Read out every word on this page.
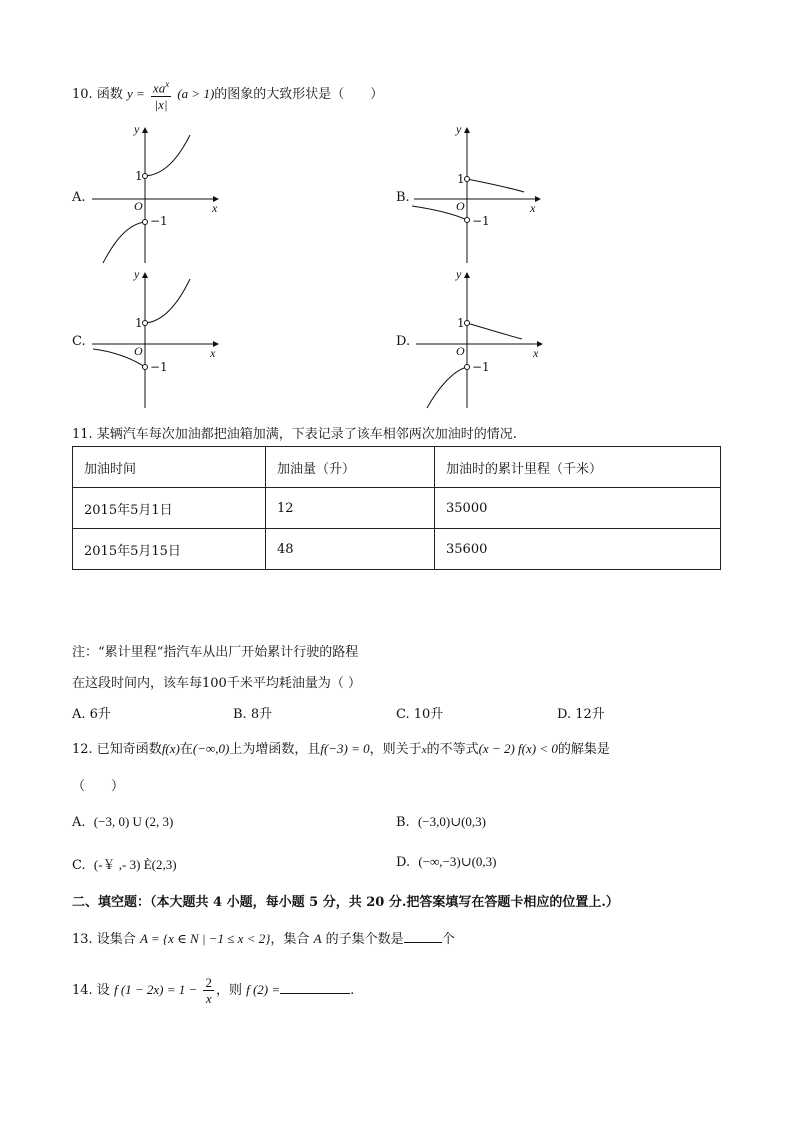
10. 函数 $y = \frac{xa^x}{|x|} (a > 1)$的图象的大致形状是（　　）
A.
y
x
O
1
−1
B.
y
x
O
1
−1
C.
y
x
O
1
−1
D.
y
x
O
1
−1
11. 某辆汽车每次加油都把油箱加满，下表记录了该车相邻两次加油时的情况.
加油时间	加油量（升）	加油时的累计里程（千米）
2015年5月1日	12	35000
2015年5月15日	48	35600
注：“累计里程“指汽车从出厂开始累计行驶的路程
在这段时间内，该车每100千米平均耗油量为（ ）
A. 6升	B. 8升	C. 10升	D. 12升
12. 已知奇函数f(x)在(−∞,0)上为增函数，且f(−3) = 0，则关于x的不等式(x − 2) f(x) < 0的解集是
（　　）
A. (−3, 0) U (2, 3)	B. (−3,0)∪(0,3)
C. (-￥ ,- 3) È(2,3)	D. (−∞,−3)∪(0,3)
二、填空题：（本大题共 4 小题，每小题 5 分，共 20 分.把答案填写在答题卡相应的位置上.）
13. 设集合 A = {x ∈ N | −1 ≤ x < 2}，集合 A 的子集个数是	个
14. 设 f $(1 - 2x) = 1 - \frac{2}{x}$ ，则 f (2) =	.
